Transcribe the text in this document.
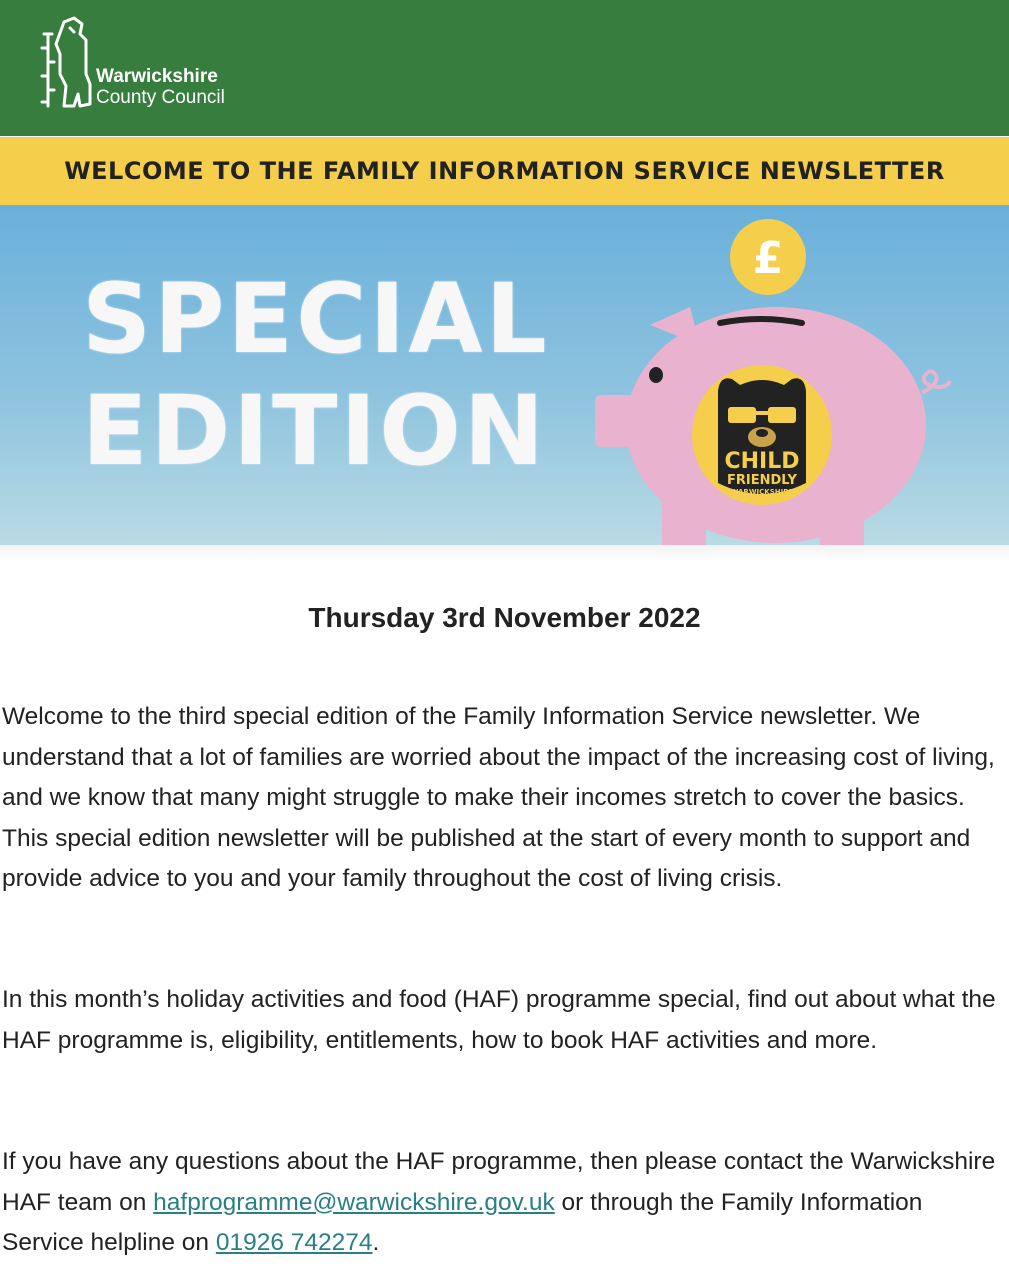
Warwickshire
County Council
WELCOME TO THE FAMILY INFORMATION SERVICE NEWSLETTER
SPECIAL
EDITION
£
CHILD
FRIENDLY
WARWICKSHIRE
Thursday 3rd November 2022

Welcome to the third special edition of the Family Information Service newsletter. We understand that a lot of families are worried about the impact of the increasing cost of living, and we know that many might struggle to make their incomes stretch to cover the basics. This special edition newsletter will be published at the start of every month to support and provide advice to you and your family throughout the cost of living crisis.

In this month’s holiday activities and food (HAF) programme special, find out about what the HAF programme is, eligibility, entitlements, how to book HAF activities and more.

If you have any questions about the HAF programme, then please contact the Warwickshire HAF team on hafprogramme@warwickshire.gov.uk or through the Family Information Service helpline on 01926 742274.
